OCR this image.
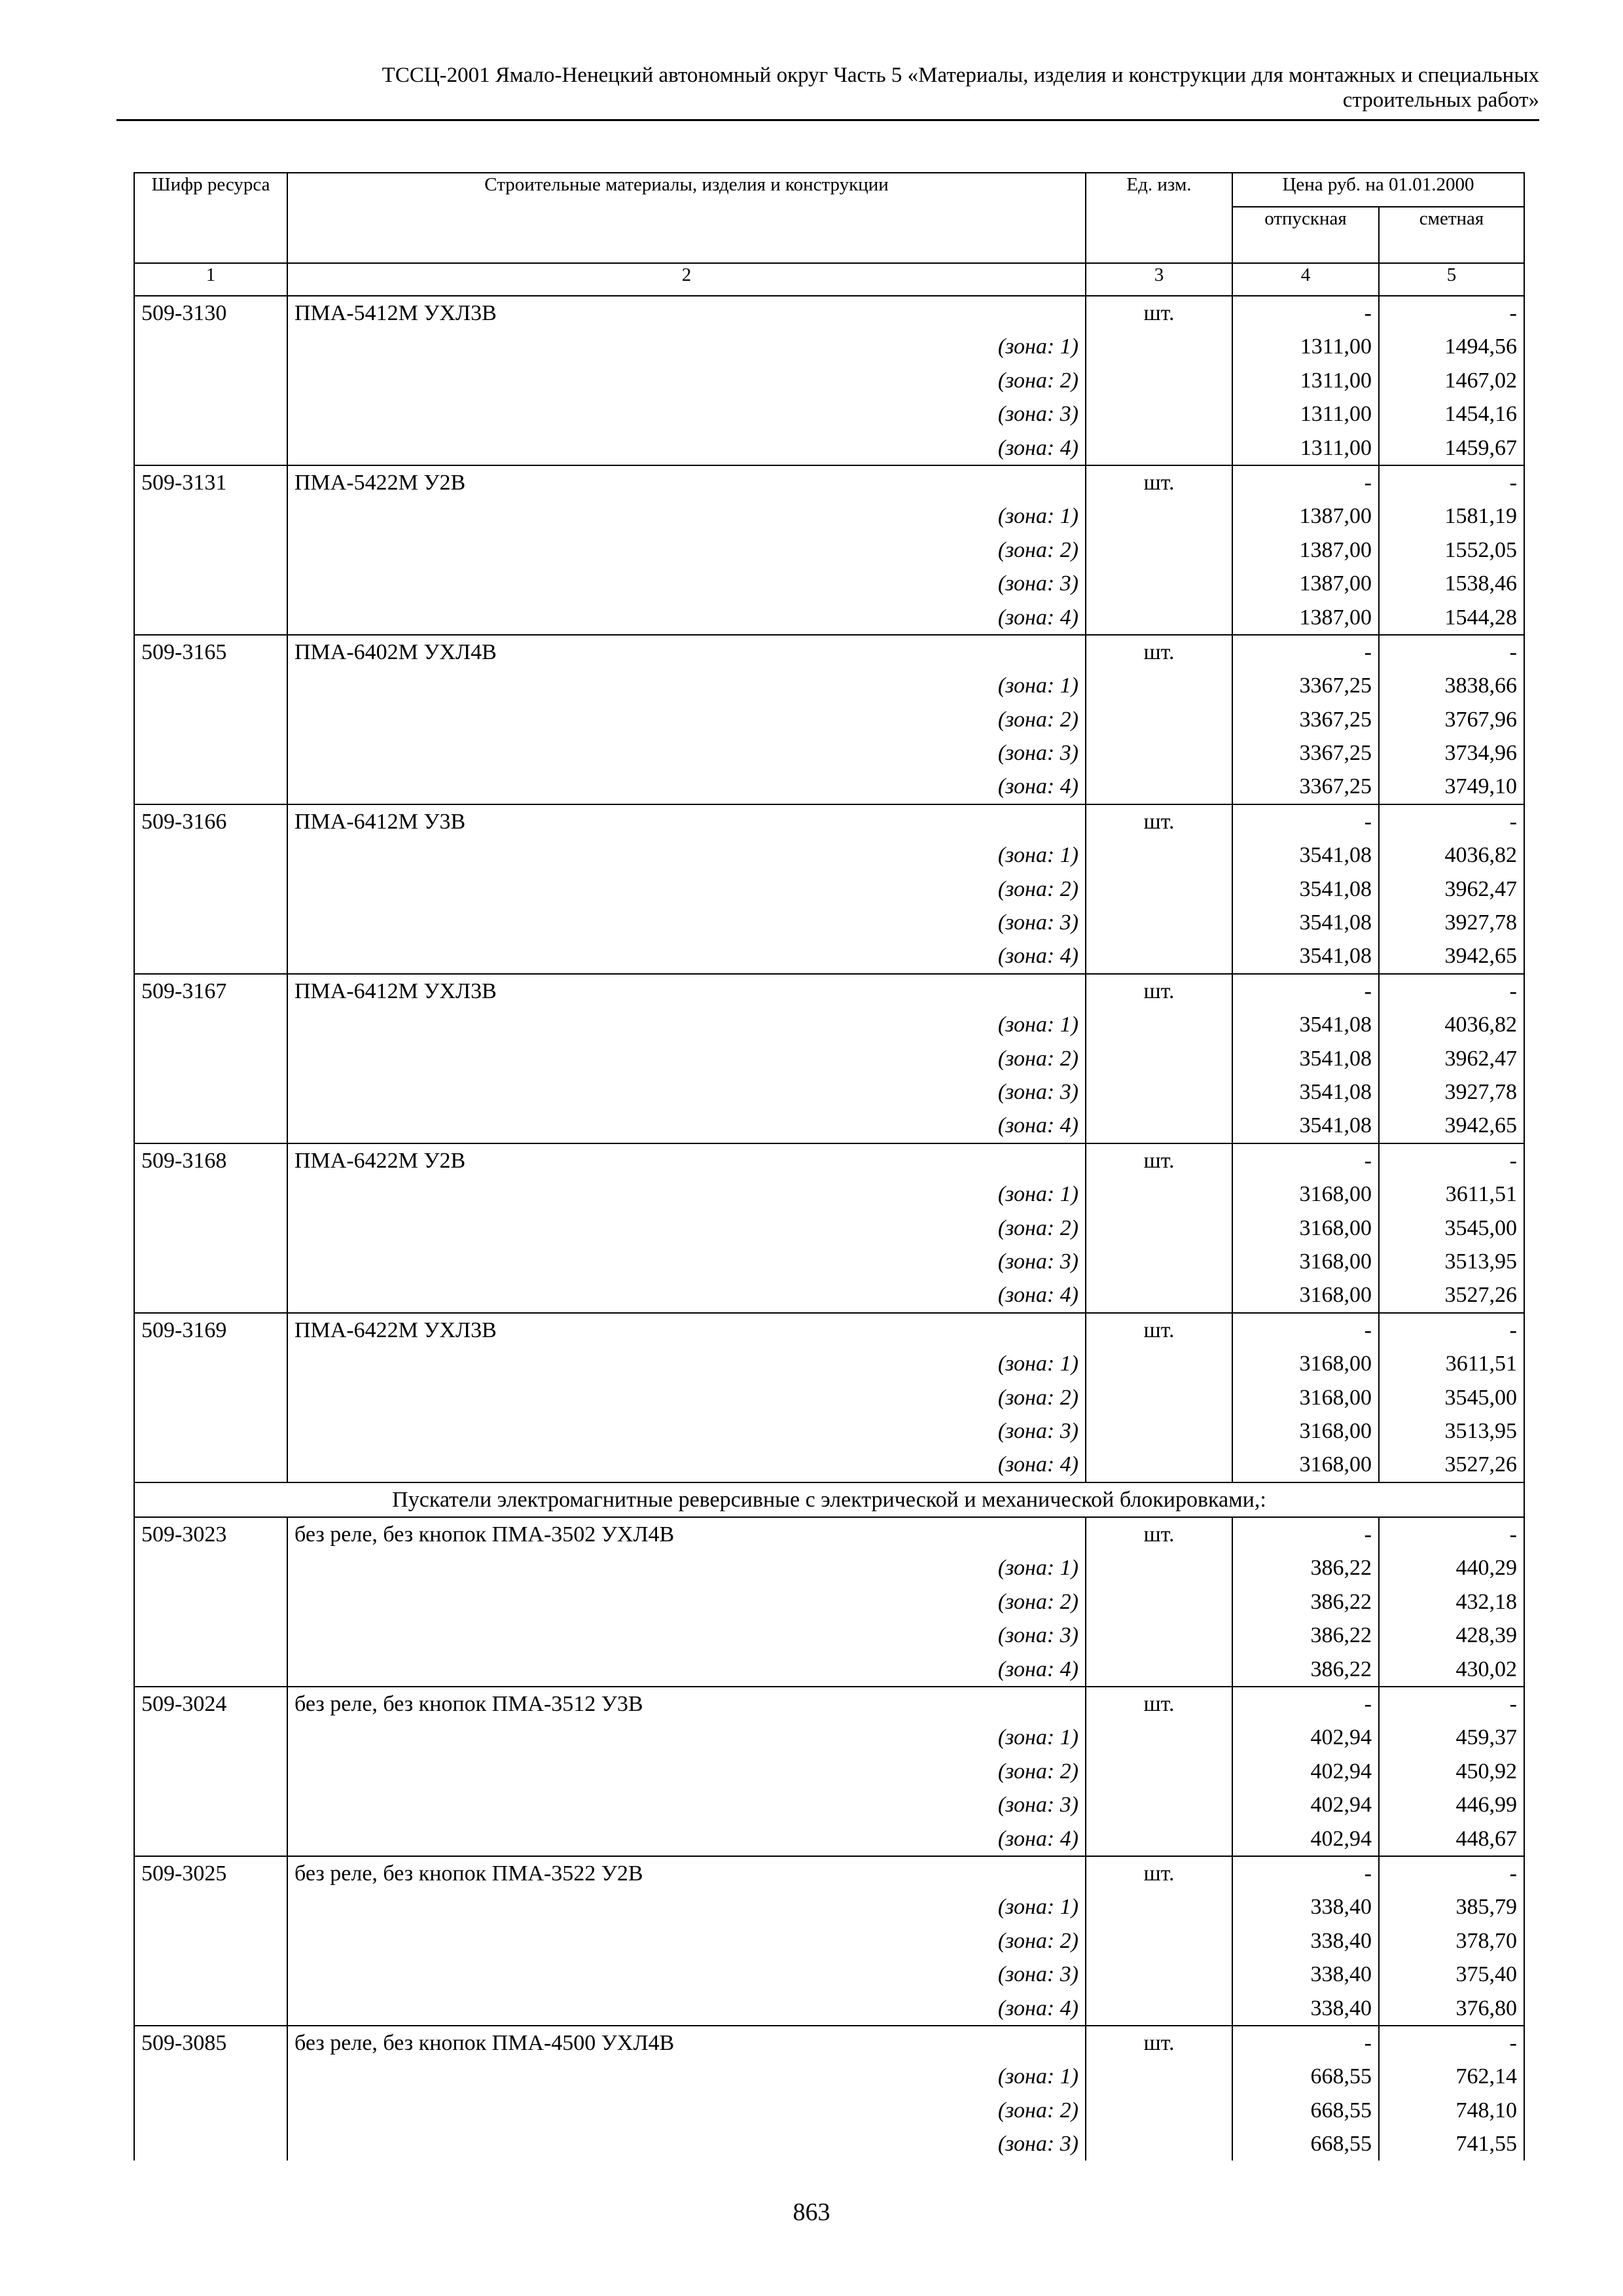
ТССЦ-2001 Ямало-Ненецкий автономный округ Часть 5 «Материалы, изделия и конструкции для монтажных и специальных
строительных работ»
Шифр ресурса	Строительные материалы, изделия и конструкции	Ед. изм.	Цена руб. на 01.01.2000	
			отпускная	сметная
1	2	3	4	5
509-3130	ПМА-5412М УХЛ3В	шт.	-	-
	(зона: 1)		1311,00	1494,56
	(зона: 2)		1311,00	1467,02
	(зона: 3)		1311,00	1454,16
	(зона: 4)		1311,00	1459,67
509-3131	ПМА-5422М У2В	шт.	-	-
	(зона: 1)		1387,00	1581,19
	(зона: 2)		1387,00	1552,05
	(зона: 3)		1387,00	1538,46
	(зона: 4)		1387,00	1544,28
509-3165	ПМА-6402М УХЛ4В	шт.	-	-
	(зона: 1)		3367,25	3838,66
	(зона: 2)		3367,25	3767,96
	(зона: 3)		3367,25	3734,96
	(зона: 4)		3367,25	3749,10
509-3166	ПМА-6412М У3В	шт.	-	-
	(зона: 1)		3541,08	4036,82
	(зона: 2)		3541,08	3962,47
	(зона: 3)		3541,08	3927,78
	(зона: 4)		3541,08	3942,65
509-3167	ПМА-6412М УХЛ3В	шт.	-	-
	(зона: 1)		3541,08	4036,82
	(зона: 2)		3541,08	3962,47
	(зона: 3)		3541,08	3927,78
	(зона: 4)		3541,08	3942,65
509-3168	ПМА-6422М У2В	шт.	-	-
	(зона: 1)		3168,00	3611,51
	(зона: 2)		3168,00	3545,00
	(зона: 3)		3168,00	3513,95
	(зона: 4)		3168,00	3527,26
509-3169	ПМА-6422М УХЛ3В	шт.	-	-
	(зона: 1)		3168,00	3611,51
	(зона: 2)		3168,00	3545,00
	(зона: 3)		3168,00	3513,95
	(зона: 4)		3168,00	3527,26
Пускатели электромагнитные реверсивные с электрической и механической блокировками,:				
509-3023	без реле, без кнопок ПМА-3502 УХЛ4В	шт.	-	-
	(зона: 1)		386,22	440,29
	(зона: 2)		386,22	432,18
	(зона: 3)		386,22	428,39
	(зона: 4)		386,22	430,02
509-3024	без реле, без кнопок ПМА-3512 У3В	шт.	-	-
	(зона: 1)		402,94	459,37
	(зона: 2)		402,94	450,92
	(зона: 3)		402,94	446,99
	(зона: 4)		402,94	448,67
509-3025	без реле, без кнопок ПМА-3522 У2В	шт.	-	-
	(зона: 1)		338,40	385,79
	(зона: 2)		338,40	378,70
	(зона: 3)		338,40	375,40
	(зона: 4)		338,40	376,80
509-3085	без реле, без кнопок ПМА-4500 УХЛ4В	шт.	-	-
	(зона: 1)		668,55	762,14
	(зона: 2)		668,55	748,10
	(зона: 3)		668,55	741,55
863
